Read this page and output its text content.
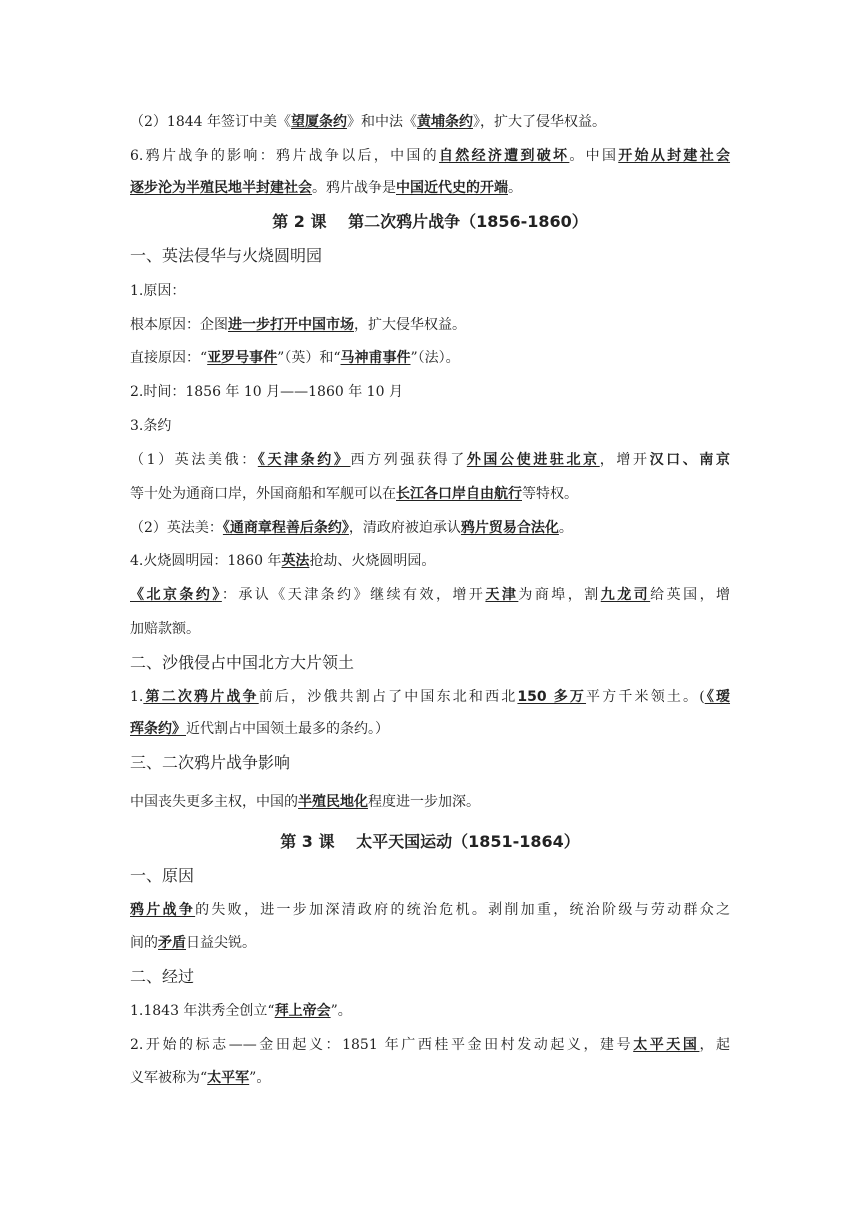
（2）1844 年签订中美《望厦条约》和中法《黄埔条约》，扩大了侵华权益。
6.鸦片战争的影响：鸦片战争以后，中国的自然经济遭到破坏。中国开始从封建社会
逐步沦为半殖民地半封建社会。鸦片战争是中国近代史的开端。
第 2 课　 第二次鸦片战争（1856-1860）
一、英法侵华与火烧圆明园
1.原因：
根本原因：企图进一步打开中国市场，扩大侵华权益。
直接原因：“亚罗号事件”（英）和“马神甫事件”（法）。
2.时间：1856 年 10 月——1860 年 10 月
3.条约
（1）英法美俄：《天津条约》西方列强获得了外国公使进驻北京，增开汉口、南京
等十处为通商口岸，外国商船和军舰可以在长江各口岸自由航行等特权。
（2）英法美：《通商章程善后条约》，清政府被迫承认鸦片贸易合法化。
4.火烧圆明园：1860 年英法抢劫、火烧圆明园。
《北京条约》：承认《天津条约》继续有效，增开天津为商埠，割九龙司给英国，增
加赔款额。
二、沙俄侵占中国北方大片领土
1.第二次鸦片战争前后，沙俄共割占了中国东北和西北150 多万平方千米领土。(《瑷
珲条约》近代割占中国领土最多的条约。）
三、二次鸦片战争影响
中国丧失更多主权，中国的半殖民地化程度进一步加深。
第 3 课　 太平天国运动（1851-1864）
一、原因
鸦片战争的失败，进一步加深清政府的统治危机。剥削加重，统治阶级与劳动群众之
间的矛盾日益尖锐。
二、经过
1.1843 年洪秀全创立“拜上帝会”。
2.开始的标志——金田起义：1851 年广西桂平金田村发动起义，建号太平天国，起
义军被称为“太平军”。
